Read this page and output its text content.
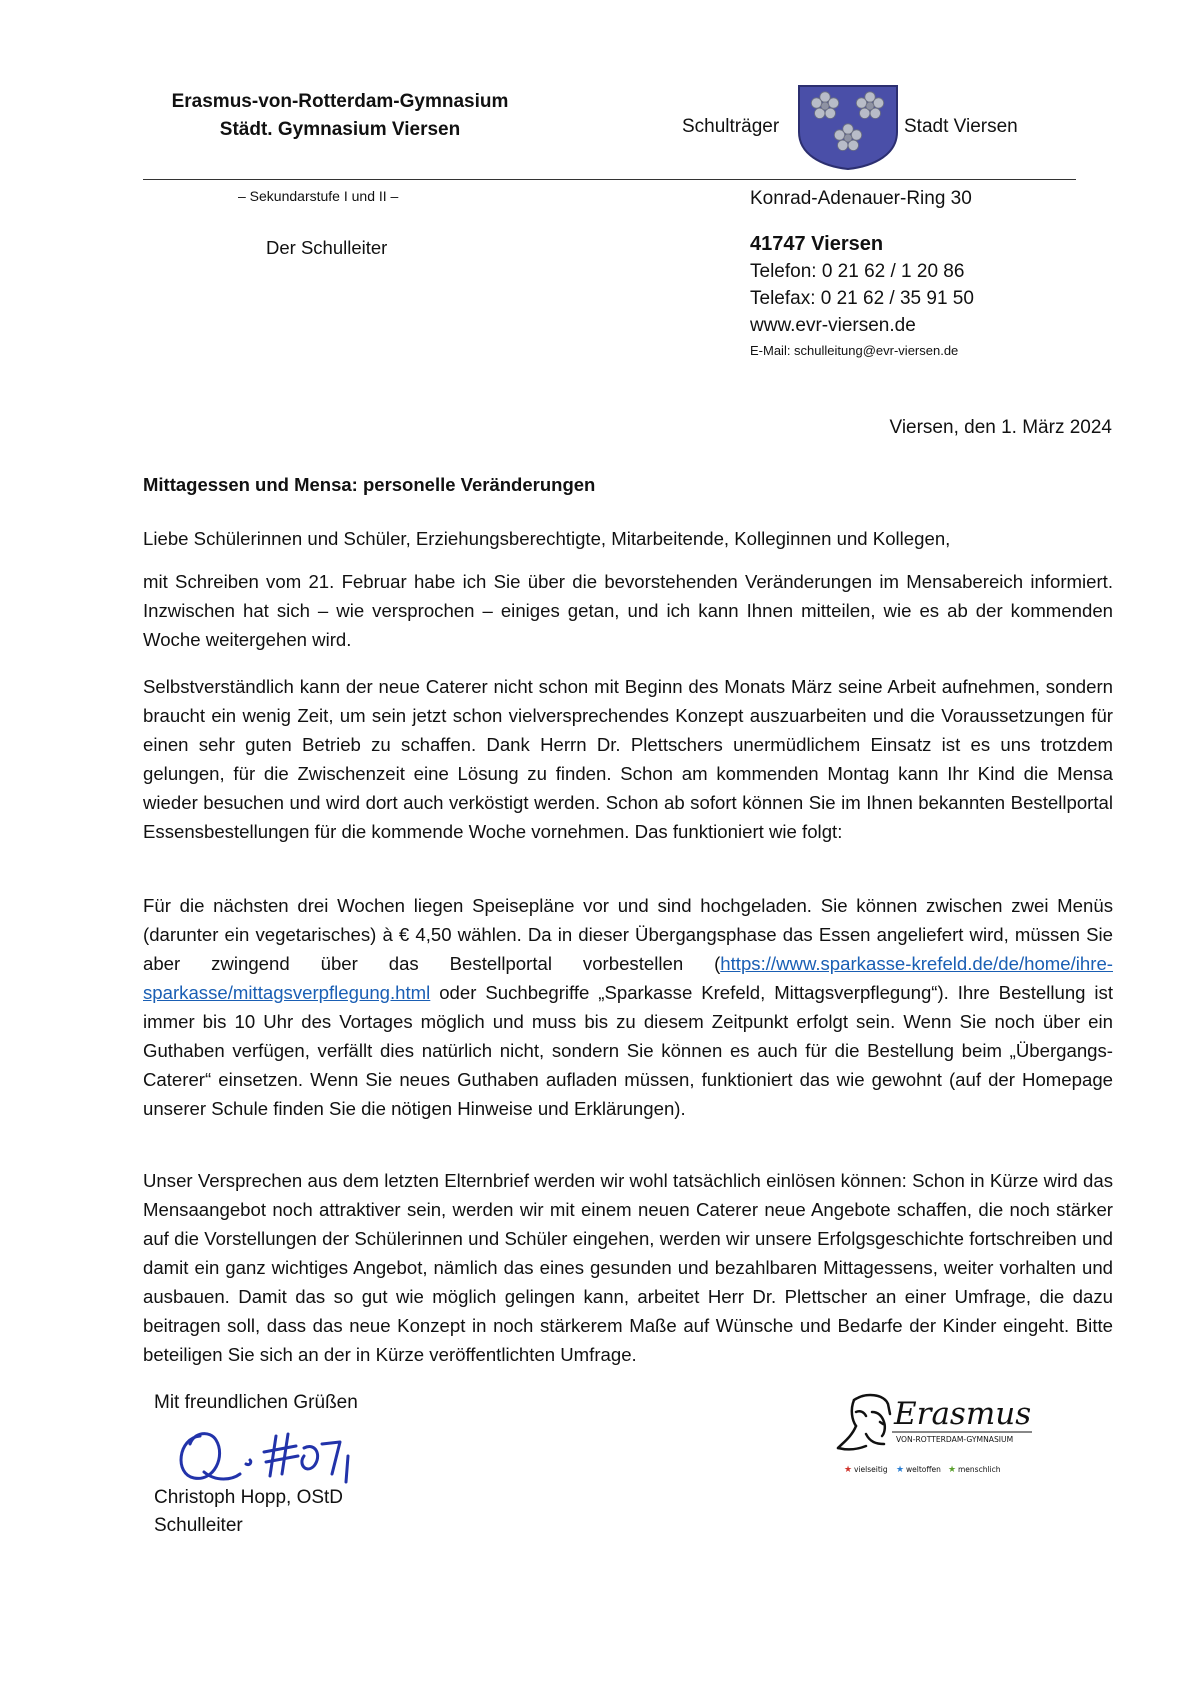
Erasmus-von-Rotterdam-Gymnasium
Städt. Gymnasium Viersen	Schulträger	Stadt Viersen
– Sekundarstufe I und II –
Der Schulleiter
Konrad-Adenauer-Ring 30
41747 Viersen
Telefon: 0 21 62 / 1 20 86
Telefax: 0 21 62 / 35 91 50
www.evr-viersen.de
E-Mail: schulleitung@evr-viersen.de
Viersen, den 1. März 2024
Mittagessen und Mensa: personelle Veränderungen

Liebe Schülerinnen und Schüler, Erziehungsberechtigte, Mitarbeitende, Kolleginnen und Kollegen,

mit Schreiben vom 21. Februar habe ich Sie über die bevorstehenden Veränderungen im Mensabereich informiert. Inzwischen hat sich – wie versprochen – einiges getan, und ich kann Ihnen mitteilen, wie es ab der kommenden Woche weitergehen wird.

Selbstverständlich kann der neue Caterer nicht schon mit Beginn des Monats März seine Arbeit aufnehmen, sondern braucht ein wenig Zeit, um sein jetzt schon vielversprechendes Konzept auszuarbeiten und die Voraussetzungen für einen sehr guten Betrieb zu schaffen. Dank Herrn Dr. Plettschers unermüdlichem Einsatz ist es uns trotzdem gelungen, für die Zwischenzeit eine Lösung zu finden. Schon am kommenden Montag kann Ihr Kind die Mensa wieder besuchen und wird dort auch verköstigt werden. Schon ab sofort können Sie im Ihnen bekannten Bestellportal Essensbestellungen für die kommende Woche vornehmen. Das funktioniert wie folgt:

Für die nächsten drei Wochen liegen Speisepläne vor und sind hochgeladen. Sie können zwischen zwei Menüs (darunter ein vegetarisches) à € 4,50 wählen. Da in dieser Übergangsphase das Essen angeliefert wird, müssen Sie aber zwingend über das Bestellportal vorbestellen (https://www.sparkasse-krefeld.de/de/home/ihre-sparkasse/mittagsverpflegung.html oder Suchbegriffe „Sparkasse Krefeld, Mittagsverpflegung“). Ihre Bestellung ist immer bis 10 Uhr des Vortages möglich und muss bis zu diesem Zeitpunkt erfolgt sein. Wenn Sie noch über ein Guthaben verfügen, verfällt dies natürlich nicht, sondern Sie können es auch für die Bestellung beim „Übergangs-Caterer“ einsetzen. Wenn Sie neues Guthaben aufladen müssen, funktioniert das wie gewohnt (auf der Homepage unserer Schule finden Sie die nötigen Hinweise und Erklärungen).

Unser Versprechen aus dem letzten Elternbrief werden wir wohl tatsächlich einlösen können: Schon in Kürze wird das Mensaangebot noch attraktiver sein, werden wir mit einem neuen Caterer neue Angebote schaffen, die noch stärker auf die Vorstellungen der Schülerinnen und Schüler eingehen, werden wir unsere Erfolgsgeschichte fortschreiben und damit ein ganz wichtiges Angebot, nämlich das eines gesunden und bezahlbaren Mittagessens, weiter vorhalten und ausbauen. Damit das so gut wie möglich gelingen kann, arbeitet Herr Dr. Plettscher an einer Umfrage, die dazu beitragen soll, dass das neue Konzept in noch stärkerem Maße auf Wünsche und Bedarfe der Kinder eingeht. Bitte beteiligen Sie sich an der in Kürze veröffentlichten Umfrage.

Mit freundlichen Grüßen
Christoph Hopp, OStD
Schulleiter
Erasmus
VON-ROTTERDAM-GYMNASIUM
★ vielseitig ★ weltoffen ★ menschlich
